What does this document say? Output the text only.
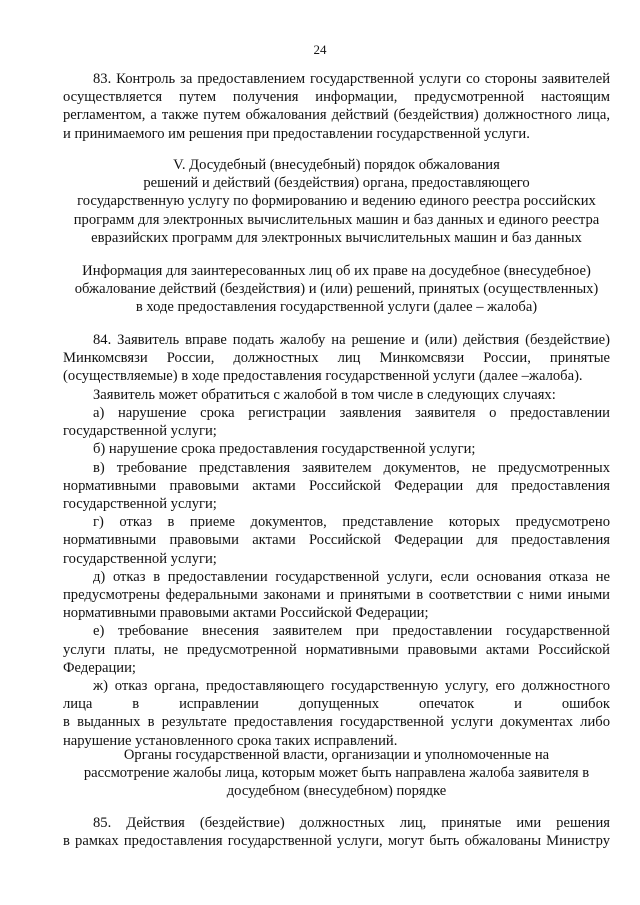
24
83. Контроль за предоставлением государственной услуги со стороны заявителей
осуществляется путем получения информации, предусмотренной настоящим
регламентом, а также путем обжалования действий (бездействия) должностного лица,
и принимаемого им решения при предоставлении государственной услуги.
V. Досудебный (внесудебный) порядок обжалования
решений и действий (бездействия) органа, предоставляющего
государственную услугу по формированию и ведению единого реестра российских
программ для электронных вычислительных машин и баз данных и единого реестра
евразийских программ для электронных вычислительных машин и баз данных
Информация для заинтересованных лиц об их праве на досудебное (внесудебное)
обжалование действий (бездействия) и (или) решений, принятых (осуществленных)
в ходе предоставления государственной услуги (далее – жалоба)
84. Заявитель вправе подать жалобу на решение и (или) действия (бездействие)
Минкомсвязи России, должностных лиц Минкомсвязи России, принятые
(осуществляемые) в ходе предоставления государственной услуги (далее –жалоба).
Заявитель может обратиться с жалобой в том числе в следующих случаях:
а) нарушение срока регистрации заявления заявителя о предоставлении
государственной услуги;
б) нарушение срока предоставления государственной услуги;
в) требование представления заявителем документов, не предусмотренных
нормативными правовыми актами Российской Федерации для предоставления
государственной услуги;
г) отказ в приеме документов, представление которых предусмотрено
нормативными правовыми актами Российской Федерации для предоставления
государственной услуги;
д) отказ в предоставлении государственной услуги, если основания отказа не
предусмотрены федеральными законами и принятыми в соответствии с ними иными
нормативными правовыми актами Российской Федерации;
е) требование внесения заявителем при предоставлении государственной
услуги платы, не предусмотренной нормативными правовыми актами Российской
Федерации;
ж) отказ органа, предоставляющего государственную услугу, его должностного
лица в исправлении допущенных опечаток и ошибок
в выданных в результате предоставления государственной услуги документах либо
нарушение установленного срока таких исправлений.
Органы государственной власти, организации и уполномоченные на
рассмотрение жалобы лица, которым может быть направлена жалоба заявителя в
досудебном (внесудебном) порядке
85. Действия (бездействие) должностных лиц, принятые ими решения
в рамках предоставления государственной услуги, могут быть обжалованы Министру
